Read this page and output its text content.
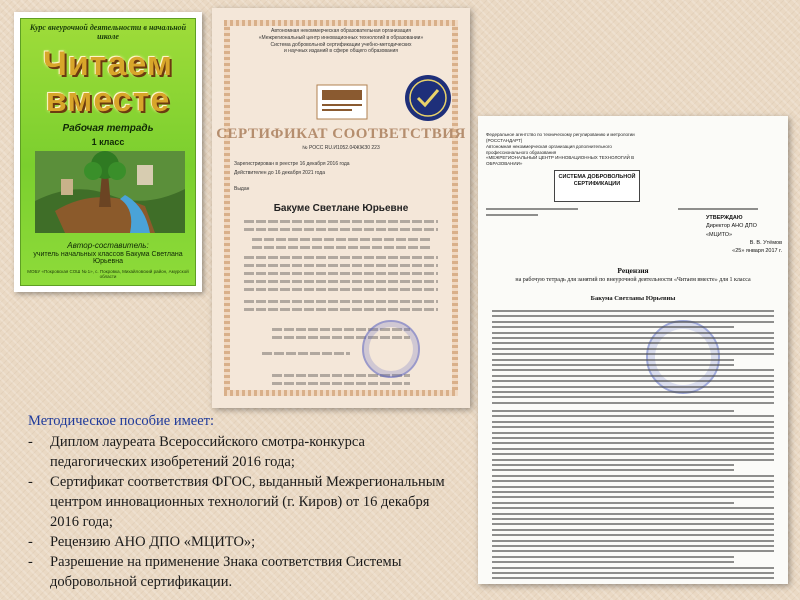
Курс внеурочной деятельности в начальной школе
Читаем
вместе
Рабочая тетрадь
1 класс
Автор-составитель:
учитель начальных классов Бакума Светлана Юрьевна
МОБУ «Покровская СОШ № 1», с. Покровка, Михайловский район, Амурской области
Автономная некоммерческая образовательная организация
«Межрегиональный центр инновационных технологий в образовании»
Система добровольной сертификации учебно-методических
и научных изданий в сфере общего образования
СЕРТИФИКАТ СООТВЕТСТВИЯ
№ РОСС RU.И1052.04ЖЖЗ0 223
Зарегистрирован в реестре 16 декабря 2016 года
Действителен до 16 декабря 2021 года
Выдан
Бакуме Светлане Юрьевне
Федеральное агентство по техническому регулированию и метрологии (РОССТАНДАРТ)
Автономная некоммерческая организация дополнительного профессионального образования
«МЕЖРЕГИОНАЛЬНЫЙ ЦЕНТР ИННОВАЦИОННЫХ ТЕХНОЛОГИЙ В ОБРАЗОВАНИИ»
СИСТЕМА ДОБРОВОЛЬНОЙ СЕРТИФИКАЦИИ
УТВЕРЖДАЮ
Директор АНО ДПО «МЦИТО»
В. В. Утёмов
«25» января 2017 г.
Рецензия
на рабочую тетрадь для занятий по внеурочной деятельности «Читаем вместе» для 1 класса
Бакума Светланы Юрьевны
Методическое пособие имеет:
-	Диплом лауреата Всероссийского смотра-конкурса педагогических изобретений 2016 года;
-	Сертификат соответствия ФГОС, выданный Межрегиональным центром инновационных технологий (г. Киров) от 16 декабря 2016 года;
-	Рецензию АНО ДПО «МЦИТО»;
-	Разрешение на применение Знака соответствия Системы добровольной сертификации.
